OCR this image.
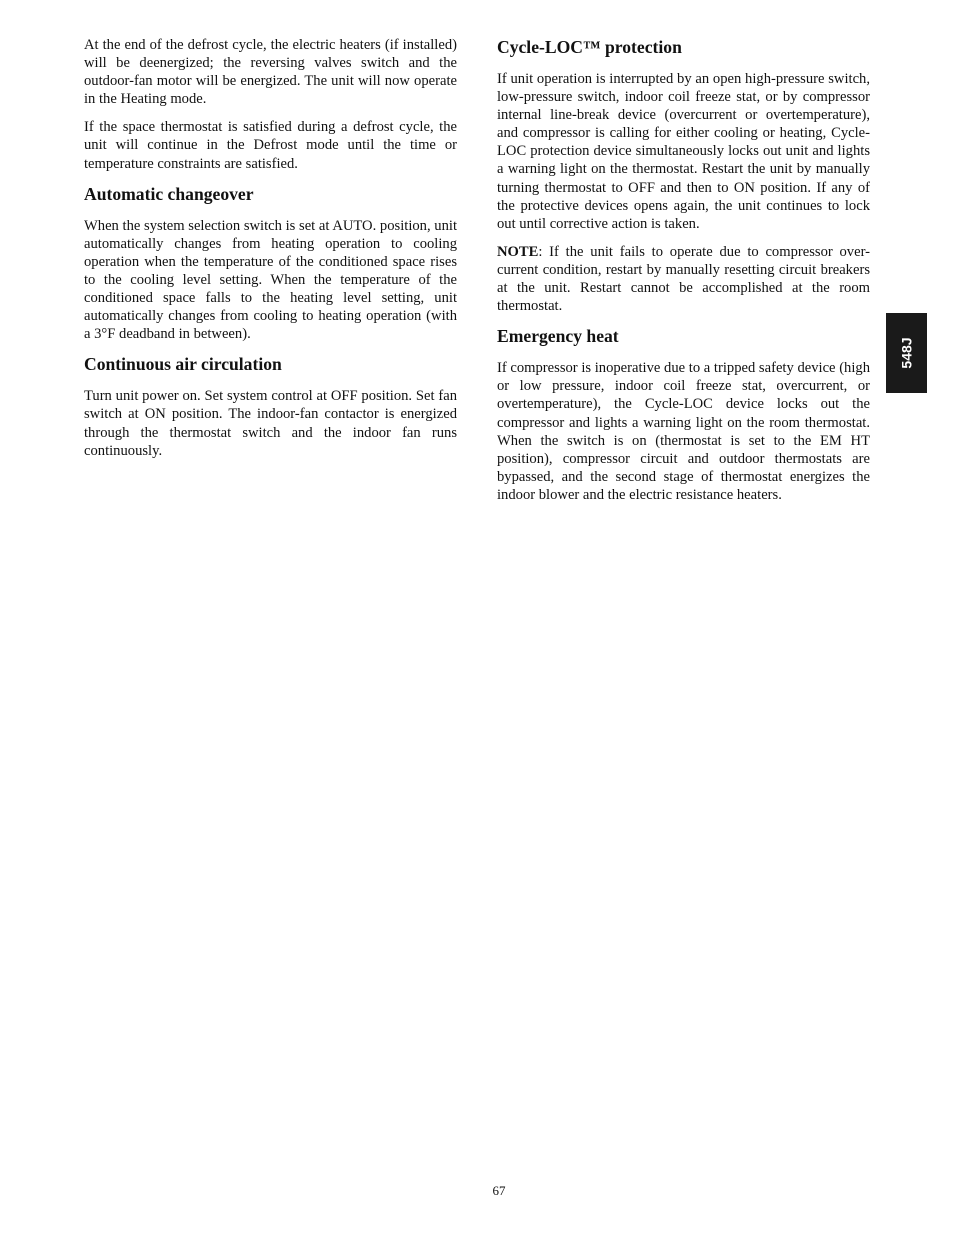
At the end of the defrost cycle, the electric heaters (if installed) will be deenergized; the reversing valves switch and the outdoor-fan motor will be energized. The unit will now operate in the Heating mode.

If the space thermostat is satisfied during a defrost cycle, the unit will continue in the Defrost mode until the time or temperature constraints are satisfied.

Automatic changeover

When the system selection switch is set at AUTO. position, unit automatically changes from heating operation to cooling operation when the temperature of the conditioned space rises to the cooling level setting. When the temperature of the conditioned space falls to the heating level setting, unit automatically changes from cooling to heating operation (with a 3°F deadband in between).

Continuous air circulation

Turn unit power on. Set system control at OFF position. Set fan switch at ON position. The indoor-fan contactor is energized through the thermostat switch and the indoor fan runs continuously.

Cycle-LOC™ protection

If unit operation is interrupted by an open high-pressure switch, low-pressure switch, indoor coil freeze stat, or by compressor internal line-break device (overcurrent or overtemperature), and compressor is calling for either cooling or heating, Cycle-LOC protection device simultaneously locks out unit and lights a warning light on the thermostat. Restart the unit by manually turning thermostat to OFF and then to ON position. If any of the protective devices opens again, the unit continues to lock out until corrective action is taken.

NOTE: If the unit fails to operate due to compressor over-current condition, restart by manually resetting circuit breakers at the unit. Restart cannot be accomplished at the room thermostat.

Emergency heat

If compressor is inoperative due to a tripped safety device (high or low pressure, indoor coil freeze stat, overcurrent, or overtemperature), the Cycle-LOC device locks out the compressor and lights a warning light on the room thermostat. When the switch is on (thermostat is set to the EM HT position), compressor circuit and outdoor thermostats are bypassed, and the second stage of thermostat energizes the indoor blower and the electric resistance heaters.

548J
67
